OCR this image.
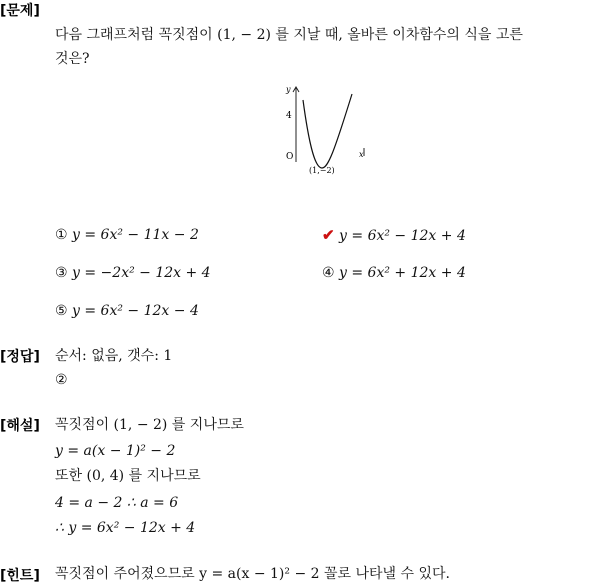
[문제]
다음 그래프처럼 꼭짓점이 (1, − 2) 를 지날 때, 올바른 이차함수의 식을 고른
것은?
y
4
O	x
(1,−2)
① y = 6x² − 11x − 2	✔ y = 6x² − 12x + 4
③ y = −2x² − 12x + 4	④ y = 6x² + 12x + 4
⑤ y = 6x² − 12x − 4
[정답] 순서: 없음, 갯수: 1
②
[해설] 꼭짓점이 (1, − 2) 를 지나므로
y = a(x − 1)² − 2
또한 (0, 4) 를 지나므로
4 = a − 2 ∴ a = 6
∴ y = 6x² − 12x + 4
[힌트] 꼭짓점이 주어졌으므로 y = a(x − 1)² − 2 꼴로 나타낼 수 있다.
